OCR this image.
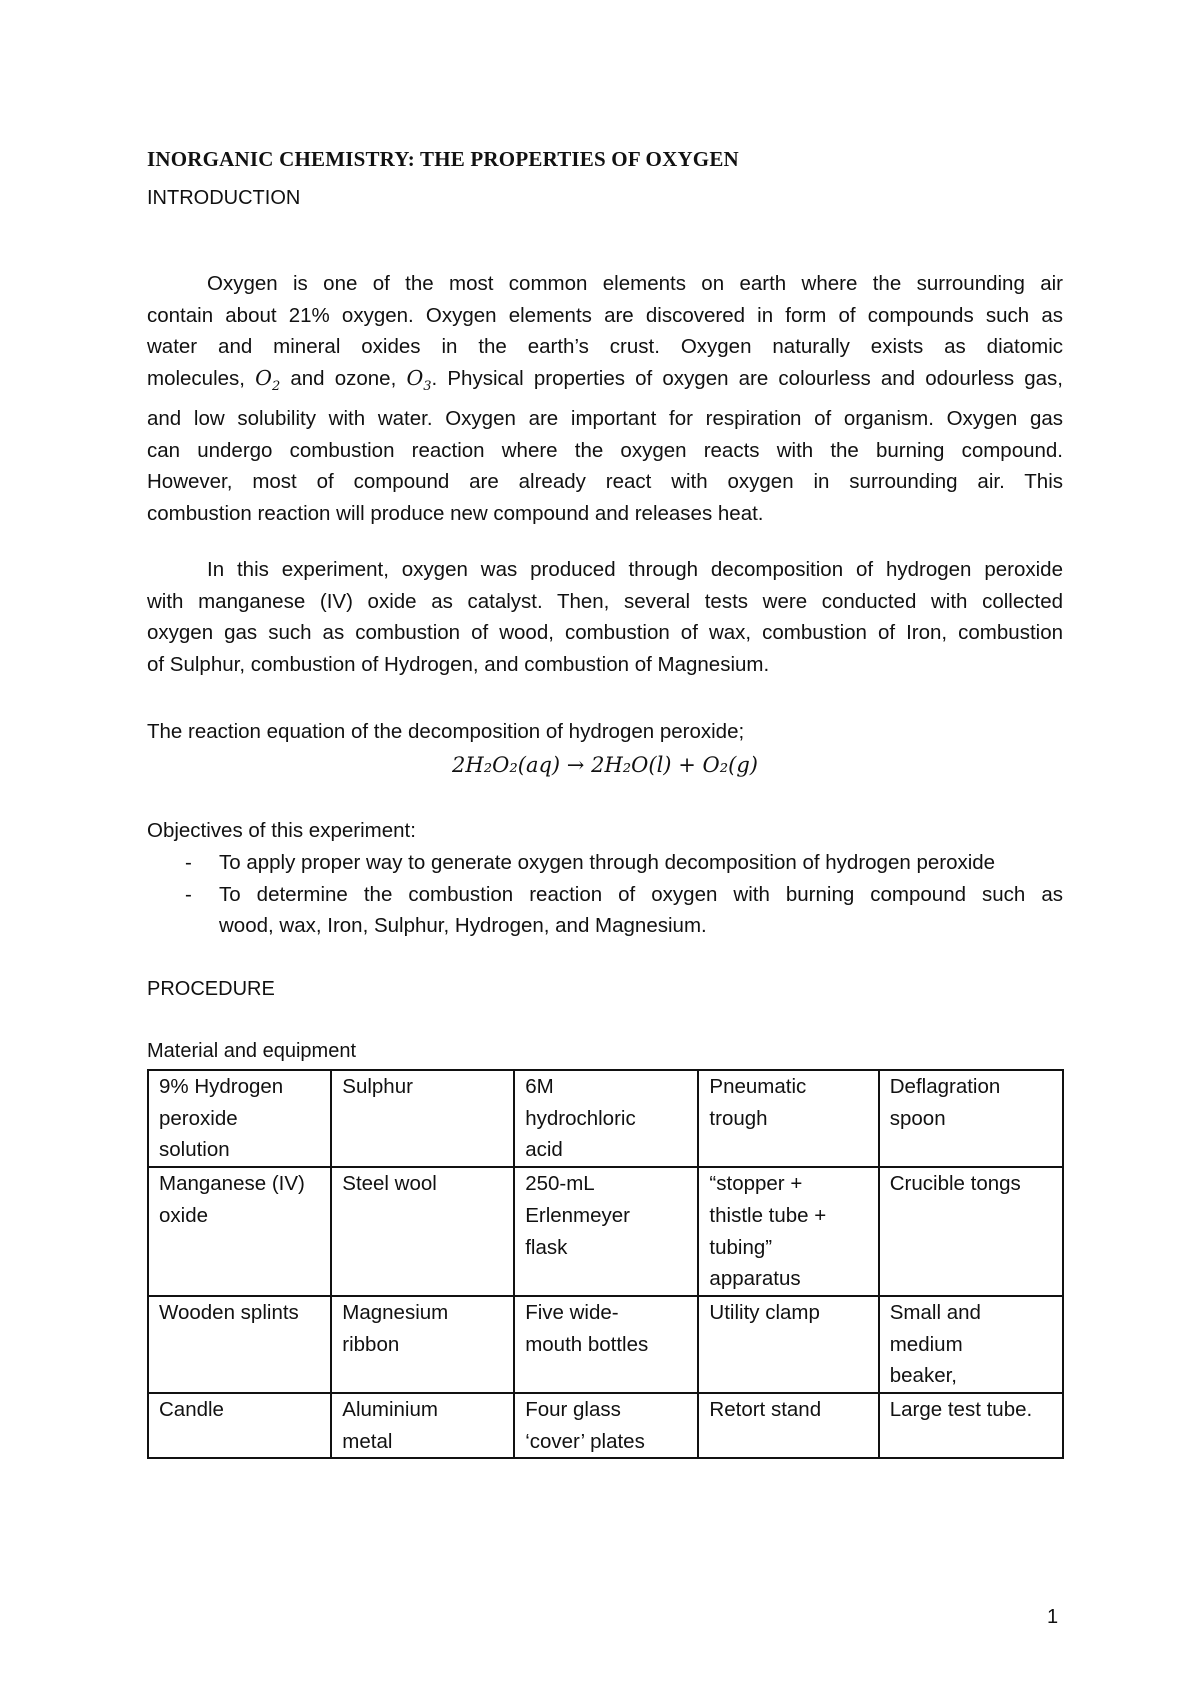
INORGANIC CHEMISTRY: THE PROPERTIES OF OXYGEN
INTRODUCTION
Oxygen is one of the most common elements on earth where the surrounding air
contain about 21% oxygen. Oxygen elements are discovered in form of compounds such as
water and mineral oxides in the earth’s crust. Oxygen naturally exists as diatomic
molecules, $O_2$ and ozone, $O_3$. Physical properties of oxygen are colourless and odourless gas,
and low solubility with water. Oxygen are important for respiration of organism. Oxygen gas
can undergo combustion reaction where the oxygen reacts with the burning compound.
However, most of compound are already react with oxygen in surrounding air. This
combustion reaction will produce new compound and releases heat.
In this experiment, oxygen was produced through decomposition of hydrogen peroxide
with manganese (IV) oxide as catalyst. Then, several tests were conducted with collected
oxygen gas such as combustion of wood, combustion of wax, combustion of Iron, combustion
of Sulphur, combustion of Hydrogen, and combustion of Magnesium.
The reaction equation of the decomposition of hydrogen peroxide;
2H₂O₂(aq) → 2H₂O(l) + O₂(g)
Objectives of this experiment:
- To apply proper way to generate oxygen through decomposition of hydrogen peroxide
- To determine the combustion reaction of oxygen with burning compound such as
wood, wax, Iron, Sulphur, Hydrogen, and Magnesium.
PROCEDURE
Material and equipment
9% Hydrogen
peroxide
solution	Sulphur	6M
hydrochloric
acid	Pneumatic
trough	Deflagration
spoon
Manganese (IV)
oxide	Steel wool	250-mL
Erlenmeyer
flask	“stopper +
thistle tube +
tubing”
apparatus	Crucible tongs
Wooden splints	Magnesium
ribbon	Five wide-
mouth bottles	Utility clamp	Small and
medium
beaker,
Candle	Aluminium
metal	Four glass
‘cover’ plates	Retort stand	Large test tube.
1
